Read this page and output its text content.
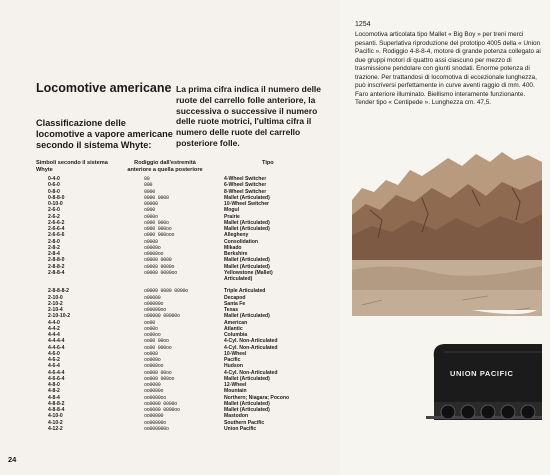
Locomotive americane
Classificazione delle locomotive a vapore americane secondo il sistema Whyte:
La prima cifra indica il numero delle ruote del carrello folle anteriore, la successiva o successive il numero delle ruote motrici, l'ultima cifra il numero delle ruote del carrello posteriore folle.
Simboli secondo il sistema Whyte
Rodiggio dall'estremità anteriore a quella posteriore
Tipo
0-4-0	00	4-Wheel Switcher
0-6-0	000	6-Wheel Switcher
0-8-0	0000	8-Wheel Switcher
0-8-8-0	0000 0000	Mallet (Articulated)
0-10-0	00000	10-Wheel Switcher
2-6-0	o000	Mogul
2-6-2	o000o	Prairie
2-6-6-2	o000 000o	Mallet (Articulated)
2-6-6-4	o000 000oo	Mallet (Articulated)
2-6-6-6	o000 000ooo	Allegheny
2-8-0	o0000	Consolidation
2-8-2	o0000o	Mikado
2-8-4	o0000oo	Berkshire
2-8-8-0	o0000 0000	Mallet (Articulated)
2-8-8-2	o0000 0000o	Mallet (Articulated)
2-8-8-4	o0000 0000oo	Yellowstone (Mallet)
Articulated)
2-8-8-8-2	o0000 0000 0000o	Triple Articulated
2-10-0	o00000	Decapod
2-10-2	o00000o	Santa Fe
2-10-4	o00000oo	Texas
2-10-10-2	o00000 00000o	Mallet (Articulated)
4-4-0	oo00	American
4-4-2	oo00o	Atlantic
4-4-4	oo00oo	Columbia
4-4-4-4	oo00 00oo	4-Cyl. Non-Articulated
4-4-6-4	oo00 000oo	4-Cyl. Non-Articulated
4-6-0	oo000	10-Wheel
4-6-2	oo000o	Pacific
4-6-4	oo000oo	Hudson
4-6-4-4	oo000 00oo	4-Cyl. Non-Articulated
4-6-6-4	oo000 000oo	Mallet (Articulated)
4-8-0	oo0000	12-Wheel
4-8-2	oo0000o	Mountain
4-8-4	oo0000oo	Northern; Niagara; Pocono
4-8-8-2	oo0000 0000o	Mallet (Articulated)
4-8-8-4	oo0000 0000oo	Mallet (Articulated)
4-10-0	oo00000	Mastodon
4-10-2	oo00000o	Southern Pacific
4-12-2	oo000000o	Union Pacific
24
1254
Locomotiva articolata tipo Mallet « Big Boy » per treni merci pesanti. Superlativa riproduzione del prototipo 4005 della « Union Pacific ». Rodiggio 4-8-8-4, motore di grande potenza collegato ai due gruppi motori di quattro assi ciascuno per mezzo di trasmissione pendolare con giunti snodati. Enorme potenza di trazione. Per trattandosi di locomotiva di eccezionale lunghezza, può inscriversi perfettamente in curve aventi raggio di mm. 400. Faro anteriore illuminato. Biellismo interamente funzionante. Tender tipo « Centipede ». Lunghezza cm. 47,5.
UNION PACIFIC
